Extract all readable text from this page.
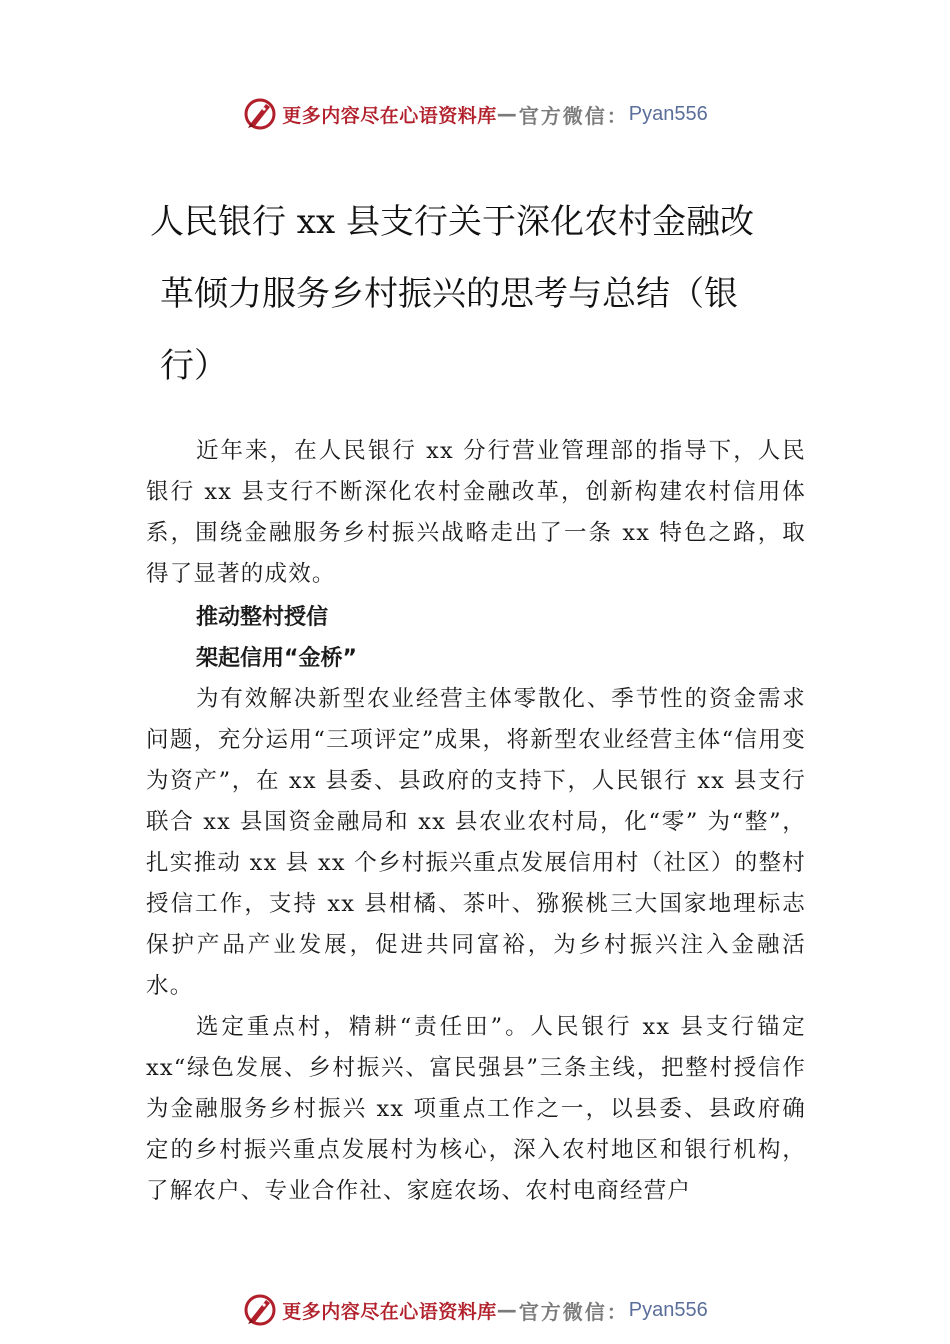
更多内容尽在心语资料库 — 官方微信： Pyan556
人民银行 xx 县支行关于深化农村金融改
革倾力服务乡村振兴的思考与总结（银
行）

近年来，在人民银行 xx 分行营业管理部的指导下，人民银行 xx 县支行不断深化农村金融改革，创新构建农村信用体系，围绕金融服务乡村振兴战略走出了一条 xx 特色之路，取得了显著的成效。

推动整村授信

架起信用“金桥”

为有效解决新型农业经营主体零散化、季节性的资金需求问题，充分运用“三项评定”成果，将新型农业经营主体“信用变为资产”，在 xx 县委、县政府的支持下，人民银行 xx 县支行联合 xx 县国资金融局和 xx 县农业农村局，化“零” 为“整”，扎实推动 xx 县 xx 个乡村振兴重点发展信用村（社区）的整村授信工作，支持 xx 县柑橘、茶叶、猕猴桃三大国家地理标志保护产品产业发展，促进共同富裕，为乡村振兴注入金融活水。

选定重点村，精耕“责任田”。人民银行 xx 县支行锚定 xx“绿色发展、乡村振兴、富民强县”三条主线，把整村授信作为金融服务乡村振兴 xx 项重点工作之一，以县委、县政府确定的乡村振兴重点发展村为核心，深入农村地区和银行机构，了解农户、专业合作社、家庭农场、农村电商经营户

更多内容尽在心语资料库 — 官方微信： Pyan556
